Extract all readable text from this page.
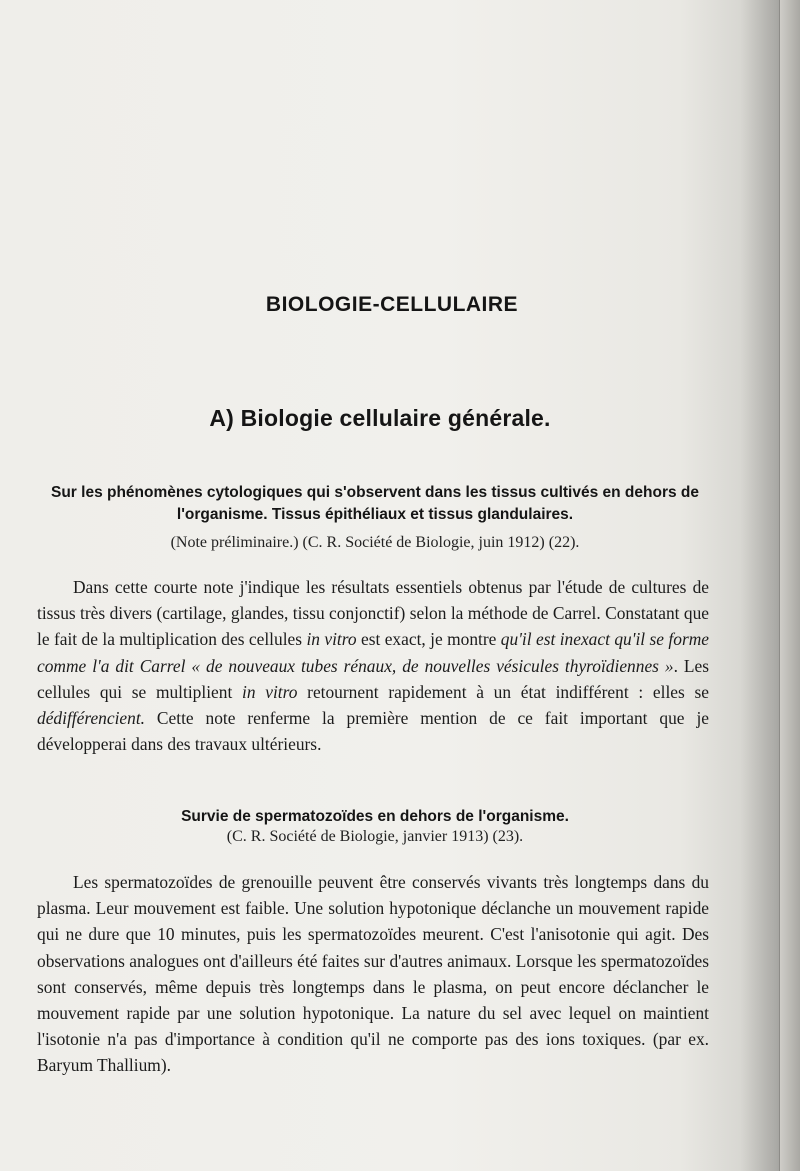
BIOLOGIE-CELLULAIRE
A) Biologie cellulaire générale.
Sur les phénomènes cytologiques qui s'observent dans les tissus cultivés en dehors de l'organisme. Tissus épithéliaux et tissus glandulaires.
(Note préliminaire.) (C. R. Société de Biologie, juin 1912) (22).

Dans cette courte note j'indique les résultats essentiels obtenus par l'étude de cultures de tissus très divers (cartilage, glandes, tissu conjonctif) selon la méthode de Carrel. Constatant que le fait de la multiplication des cellules in vitro est exact, je montre qu'il est inexact qu'il se forme comme l'a dit Carrel « de nouveaux tubes rénaux, de nouvelles vésicules thyroïdiennes ». Les cellules qui se multiplient in vitro retournent rapidement à un état indifférent : elles se dédifférencient. Cette note renferme la première mention de ce fait important que je développerai dans des travaux ultérieurs.

Survie de spermatozoïdes en dehors de l'organisme.
(C. R. Société de Biologie, janvier 1913) (23).

Les spermatozoïdes de grenouille peuvent être conservés vivants très longtemps dans du plasma. Leur mouvement est faible. Une solution hypotonique déclanche un mouvement rapide qui ne dure que 10 minutes, puis les spermatozoïdes meurent. C'est l'anisotonie qui agit. Des observations analogues ont d'ailleurs été faites sur d'autres animaux. Lorsque les spermatozoïdes sont conservés, même depuis très longtemps dans le plasma, on peut encore déclancher le mouvement rapide par une solution hypotonique. La nature du sel avec lequel on maintient l'isotonie n'a pas d'importance à condition qu'il ne comporte pas des ions toxiques. (par ex. Baryum Thallium).
